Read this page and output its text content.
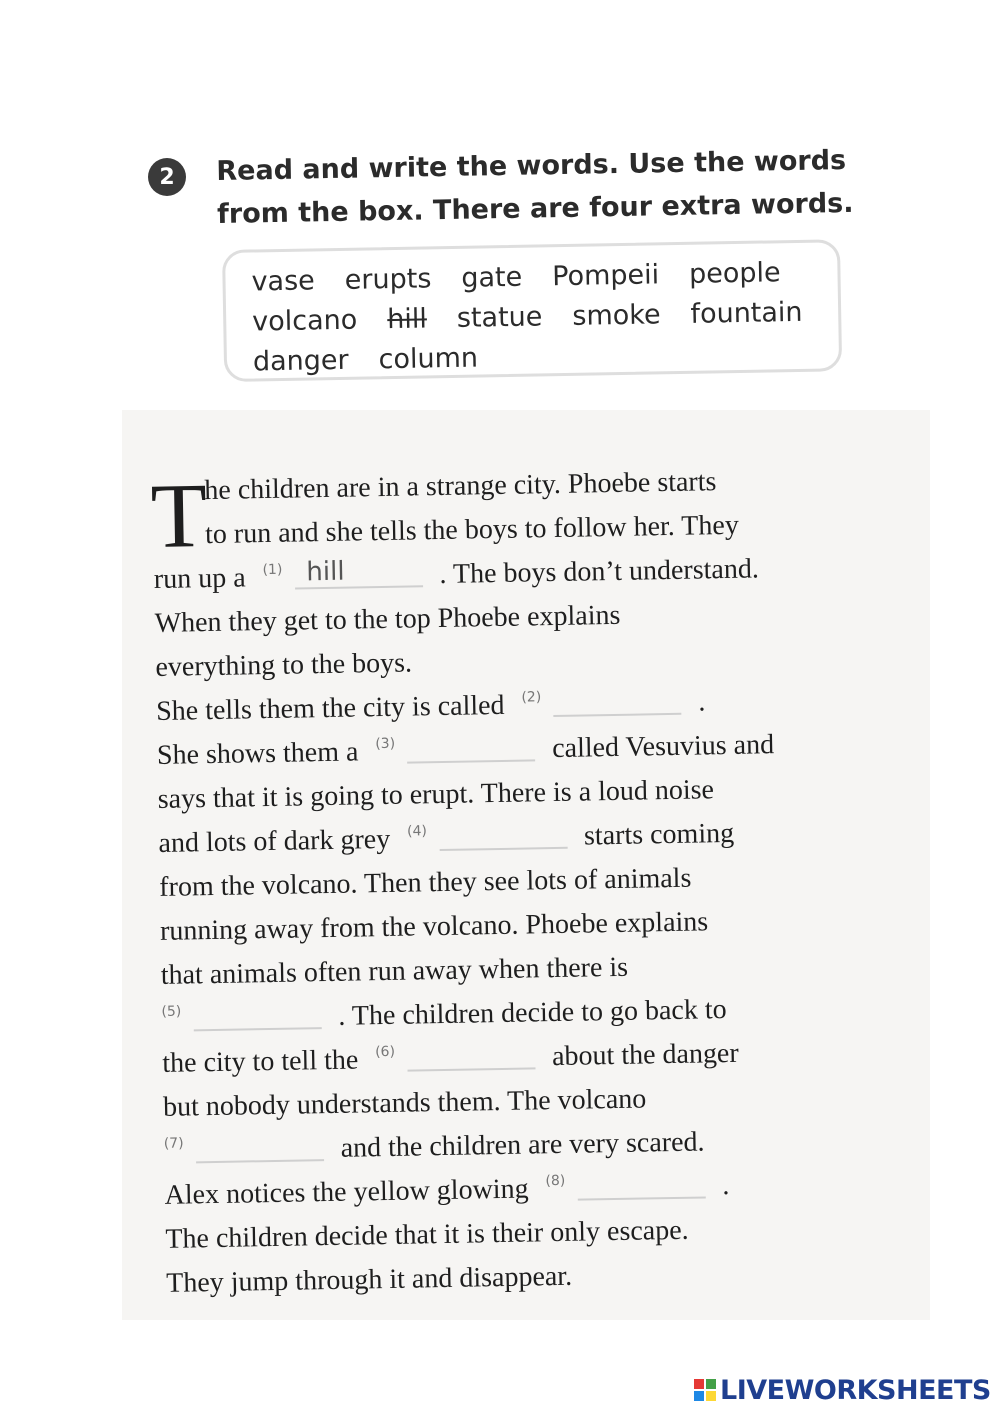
2 Read and write the words. Use the words
from the box. There are four extra words.
vase erupts gate Pompeii people
volcano hill statue smoke fountain
danger column
T
he children are in a strange city. Phoebe starts
to run and she tells the boys to follow her. They
run up a $^{(1)}$ hill	. The boys don’t understand.
When they get to the top Phoebe explains
everything to the boys.
She tells them the city is called $^{(2)}$	.
She shows them a $^{(3)}$	called Vesuvius and
says that it is going to erupt. There is a loud noise
and lots of dark grey $^{(4)}$	starts coming
from the volcano. Then they see lots of animals
running away from the volcano. Phoebe explains
that animals often run away when there is
$^{(5)}$	. The children decide to go back to
the city to tell the $^{(6)}$	about the danger
but nobody understands them. The volcano
$^{(7)}$	and the children are very scared.
Alex notices the yellow glowing $^{(8)}$	.
The children decide that it is their only escape.
They jump through it and disappear.
LIVEWORKSHEETS
